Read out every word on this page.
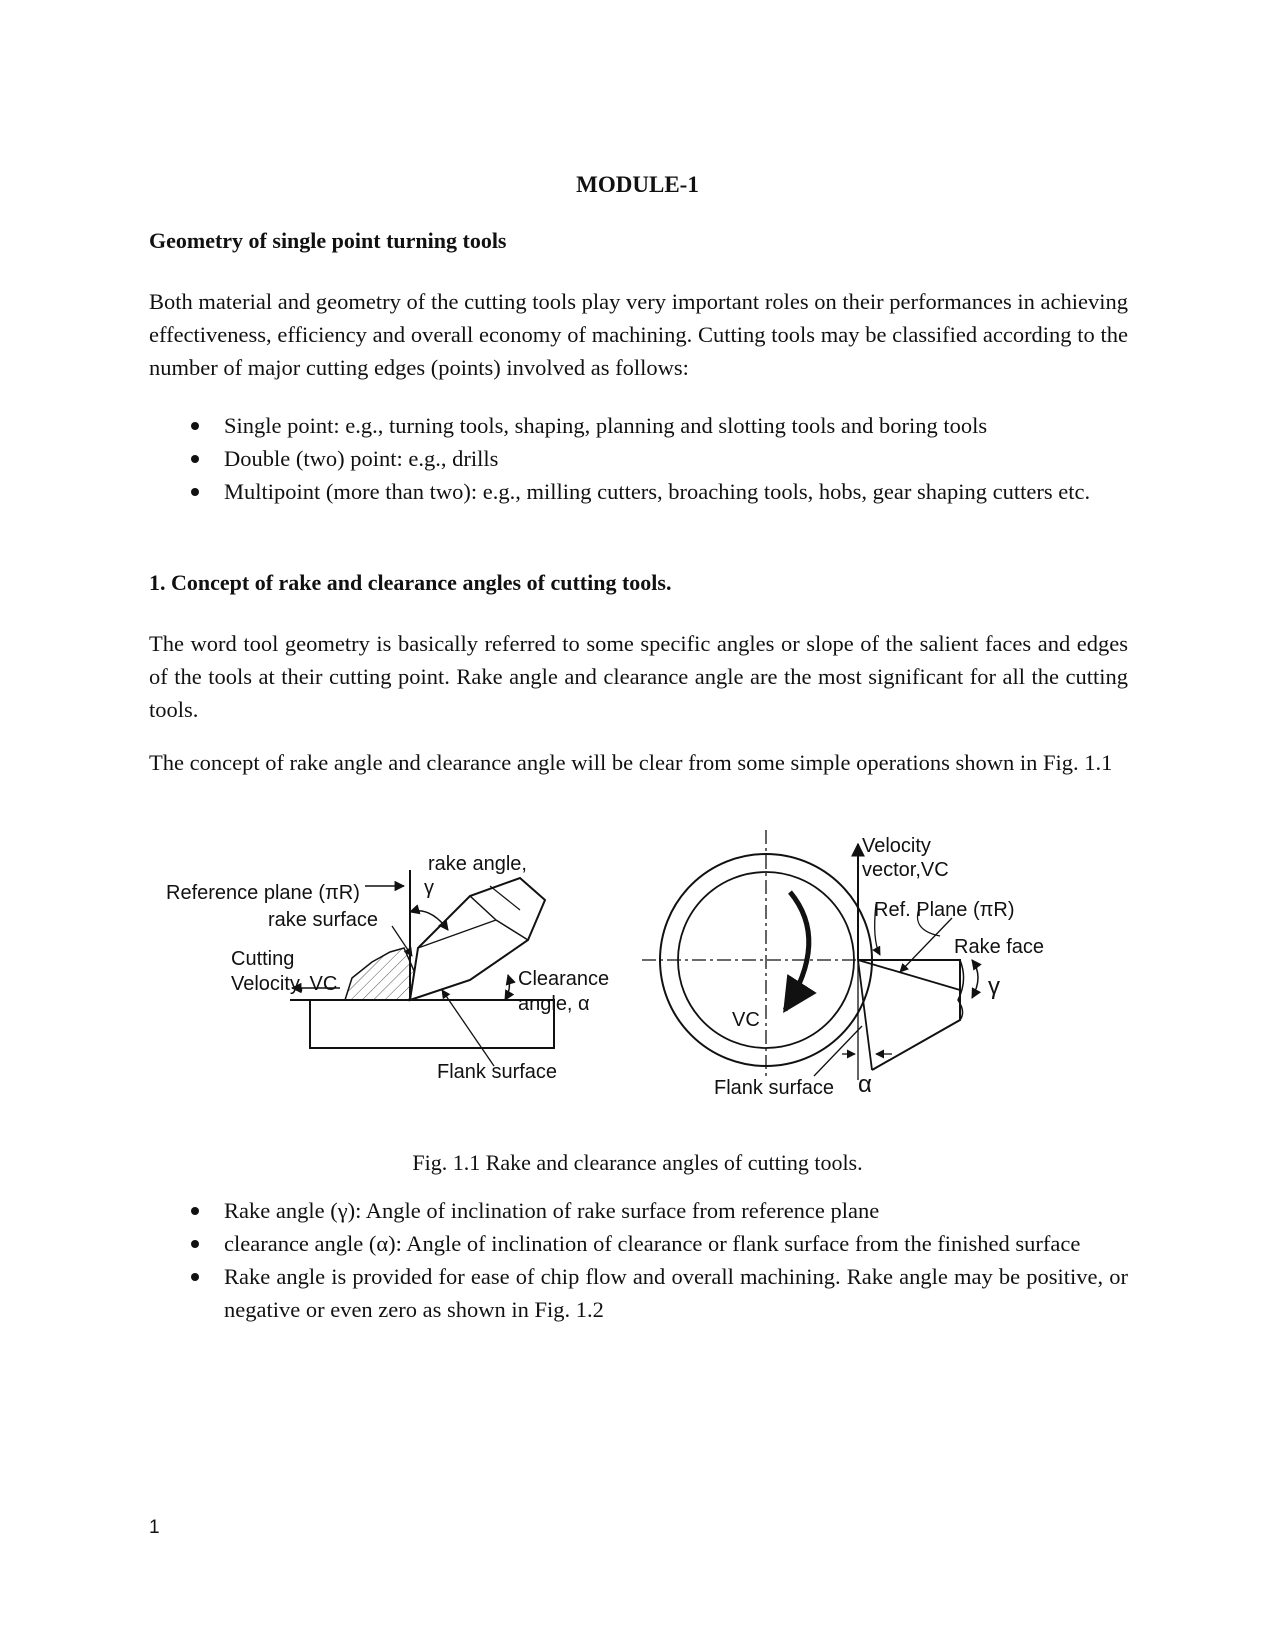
MODULE-1
Geometry of single point turning tools

Both material and geometry of the cutting tools play very important roles on their performances in achieving effectiveness, efficiency and overall economy of machining. Cutting tools may be classified according to the number of major cutting edges (points) involved as follows:

Single point: e.g., turning tools, shaping, planning and slotting tools and boring tools
Double (two) point: e.g., drills
Multipoint (more than two): e.g., milling cutters, broaching tools, hobs, gear shaping cutters etc.
1. Concept of rake and clearance angles of cutting tools.

The word tool geometry is basically referred to some specific angles or slope of the salient faces and edges of the tools at their cutting point. Rake angle and clearance angle are the most significant for all the cutting tools.

The concept of rake angle and clearance angle will be clear from some simple operations shown in Fig. 1.1

Reference plane (πR)
rake angle,
γ
rake surface
Cutting
Velocity, VC	Clearance
angle, α
Flank surface
Velocity
vector,VC
Ref. Plane (πR)
Rake face
γ
VC
Flank surface α
Fig. 1.1 Rake and clearance angles of cutting tools.
Rake angle (γ): Angle of inclination of rake surface from reference plane
clearance angle (α): Angle of inclination of clearance or flank surface from the finished surface
Rake angle is provided for ease of chip flow and overall machining. Rake angle may be positive, or negative or even zero as shown in Fig. 1.2
1
